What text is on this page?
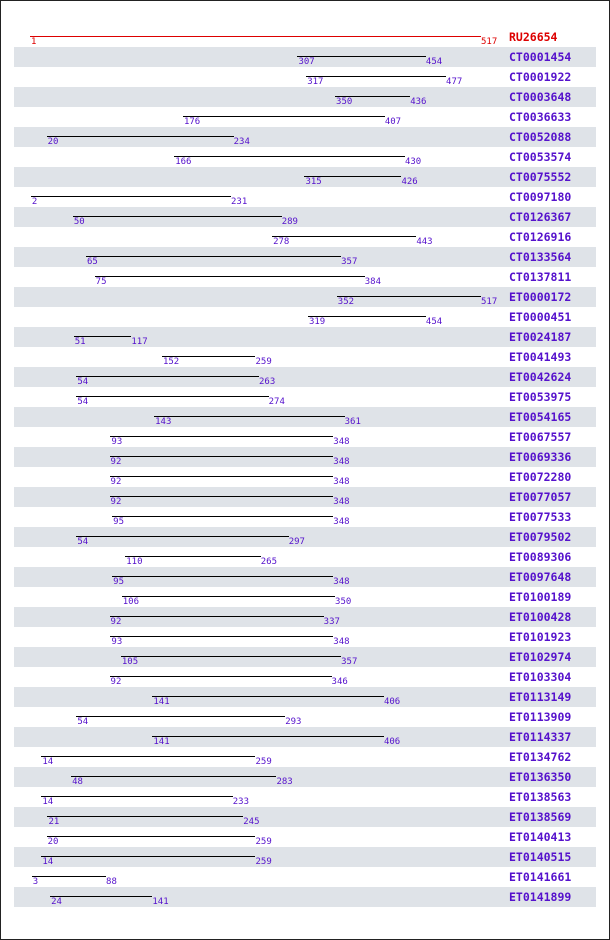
1	517 RU26654
307	454	CT0001454
317	477	CT0001922
350	436	CT0003648
176	407	CT0036633
20	234	CT0052088
166	430	CT0053574
315	426	CT0075552
2	231	CT0097180
50	289	CT0126367
278	443	CT0126916
65	357	CT0133564
75	384	CT0137811
352	517 ET0000172
319	454	ET0000451
51	117	ET0024187
152	259	ET0041493
54	263	ET0042624
54	274	ET0053975
143	361	ET0054165
93	348	ET0067557
92	348	ET0069336
92	348	ET0072280
92	348	ET0077057
95	348	ET0077533
54	297	ET0079502
110	265	ET0089306
95	348	ET0097648
106	350	ET0100189
92	337	ET0100428
93	348	ET0101923
105	357	ET0102974
92	346	ET0103304
141	406	ET0113149
54	293	ET0113909
141	406	ET0114337
14	259	ET0134762
48	283	ET0136350
14	233	ET0138563
21	245	ET0138569
20	259	ET0140413
14	259	ET0140515
3	88	ET0141661
24	141	ET0141899
